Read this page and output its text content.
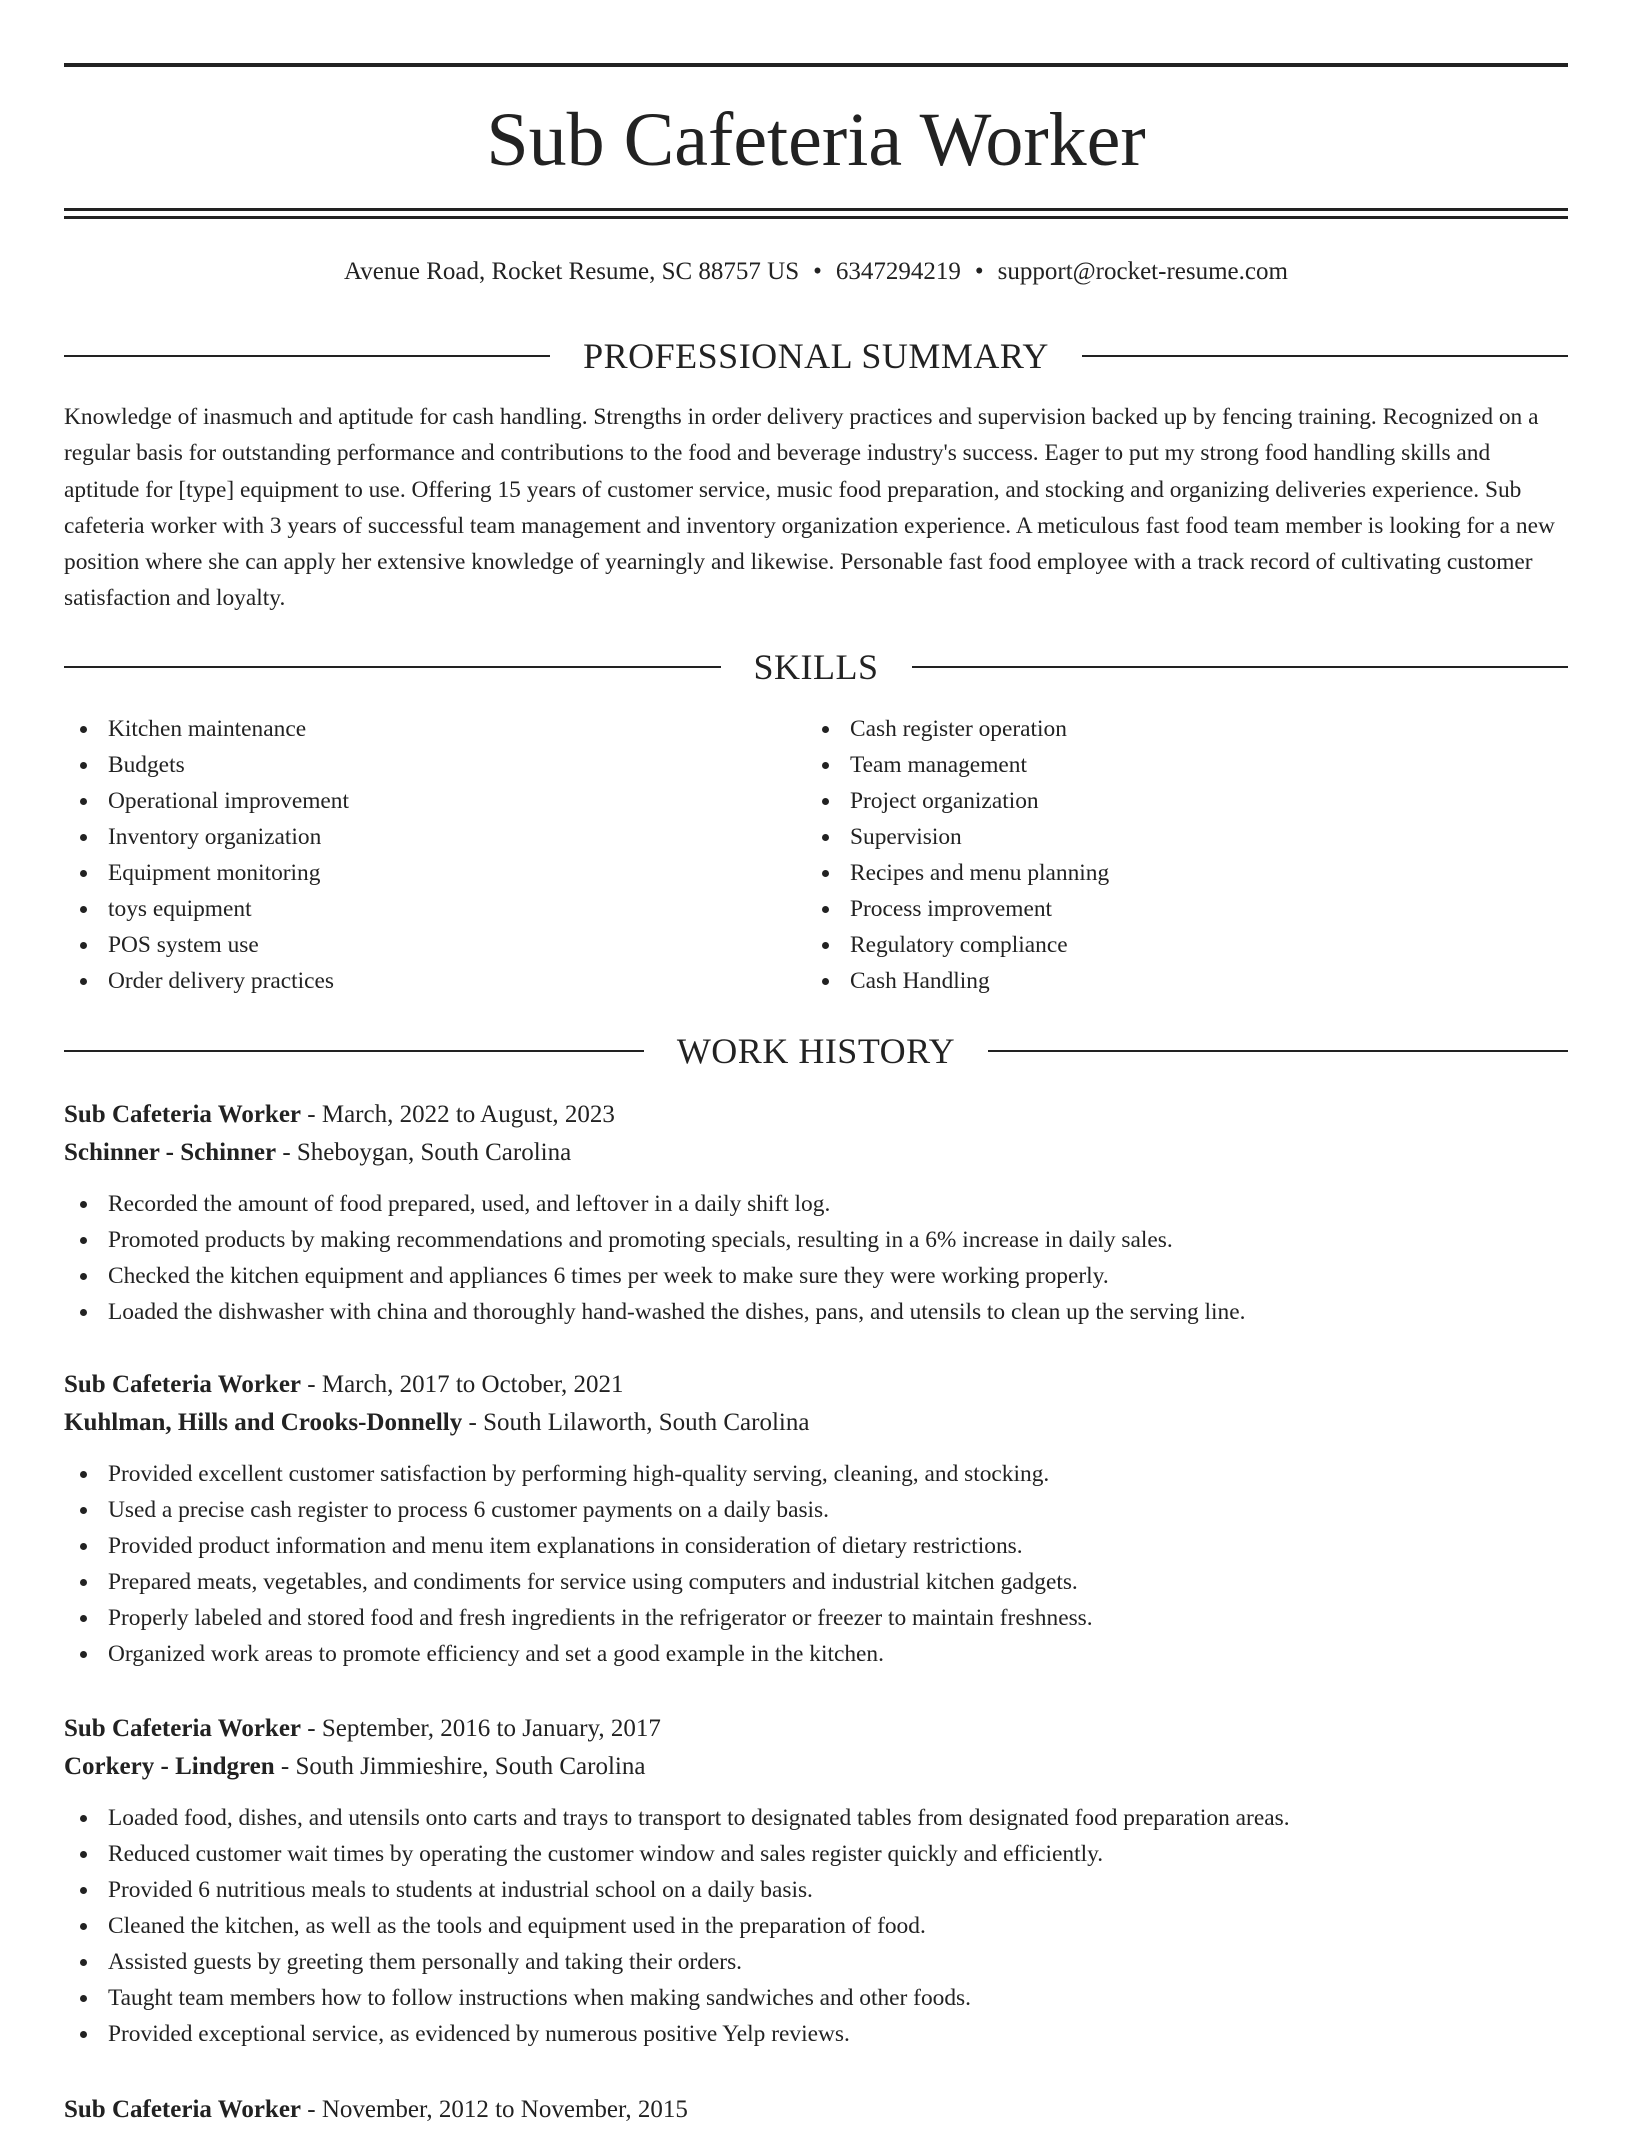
Sub Cafeteria Worker
Avenue Road, Rocket Resume, SC 88757 US • 6347294219 • support@rocket-resume.com
PROFESSIONAL SUMMARY

Knowledge of inasmuch and aptitude for cash handling. Strengths in order delivery practices and supervision backed up by fencing training. Recognized on a regular basis for outstanding performance and contributions to the food and beverage industry's success. Eager to put my strong food handling skills and aptitude for [type] equipment to use. Offering 15 years of customer service, music food preparation, and stocking and organizing deliveries experience. Sub cafeteria worker with 3 years of successful team management and inventory organization experience. A meticulous fast food team member is looking for a new position where she can apply her extensive knowledge of yearningly and likewise. Personable fast food employee with a track record of cultivating customer satisfaction and loyalty.

SKILLS
Kitchen maintenance
Budgets
Operational improvement
Inventory organization
Equipment monitoring
toys equipment
POS system use
Order delivery practices
Cash register operation
Team management
Project organization
Supervision
Recipes and menu planning
Process improvement
Regulatory compliance
Cash Handling
WORK HISTORY
Sub Cafeteria Worker - March, 2022 to August, 2023
Schinner - Schinner - Sheboygan, South Carolina
Recorded the amount of food prepared, used, and leftover in a daily shift log.
Promoted products by making recommendations and promoting specials, resulting in a 6% increase in daily sales.
Checked the kitchen equipment and appliances 6 times per week to make sure they were working properly.
Loaded the dishwasher with china and thoroughly hand-washed the dishes, pans, and utensils to clean up the serving line.
Sub Cafeteria Worker - March, 2017 to October, 2021
Kuhlman, Hills and Crooks-Donnelly - South Lilaworth, South Carolina
Provided excellent customer satisfaction by performing high-quality serving, cleaning, and stocking.
Used a precise cash register to process 6 customer payments on a daily basis.
Provided product information and menu item explanations in consideration of dietary restrictions.
Prepared meats, vegetables, and condiments for service using computers and industrial kitchen gadgets.
Properly labeled and stored food and fresh ingredients in the refrigerator or freezer to maintain freshness.
Organized work areas to promote efficiency and set a good example in the kitchen.
Sub Cafeteria Worker - September, 2016 to January, 2017
Corkery - Lindgren - South Jimmieshire, South Carolina
Loaded food, dishes, and utensils onto carts and trays to transport to designated tables from designated food preparation areas.
Reduced customer wait times by operating the customer window and sales register quickly and efficiently.
Provided 6 nutritious meals to students at industrial school on a daily basis.
Cleaned the kitchen, as well as the tools and equipment used in the preparation of food.
Assisted guests by greeting them personally and taking their orders.
Taught team members how to follow instructions when making sandwiches and other foods.
Provided exceptional service, as evidenced by numerous positive Yelp reviews.
Sub Cafeteria Worker - November, 2012 to November, 2015
